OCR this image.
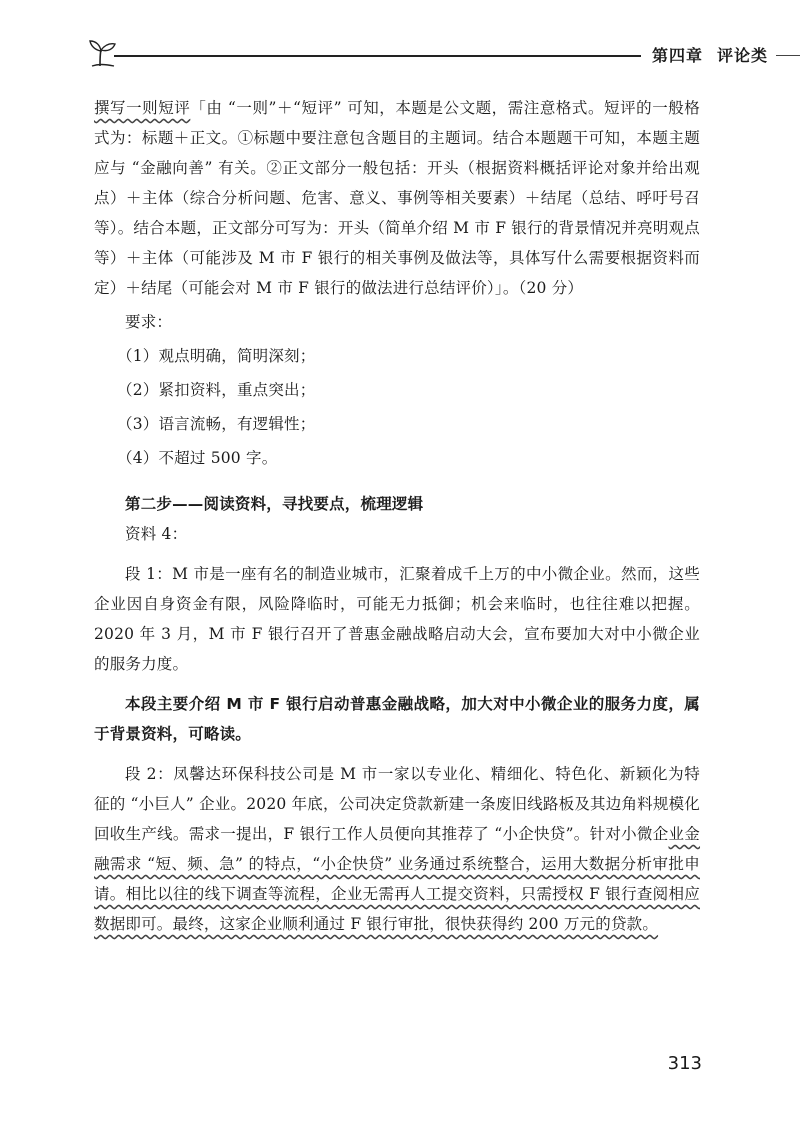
第四章 评论类

撰写一则短评「由 “一则”＋“短评” 可知，本题是公文题，需注意格式。短评的一般格式为：标题＋正文。①标题中要注意包含题目的主题词。结合本题题干可知，本题主题应与 “金融向善” 有关。②正文部分一般包括：开头（根据资料概括评论对象并给出观点）＋主体（综合分析问题、危害、意义、事例等相关要素）＋结尾（总结、呼吁号召等）。结合本题，正文部分可写为：开头（简单介绍 M 市 F 银行的背景情况并亮明观点等）＋主体（可能涉及 M 市 F 银行的相关事例及做法等，具体写什么需要根据资料而定）＋结尾（可能会对 M 市 F 银行的做法进行总结评价）」。（20 分）

要求：

（1）观点明确，简明深刻；

（2）紧扣资料，重点突出；

（3）语言流畅，有逻辑性；

（4）不超过 500 字。

第二步——阅读资料，寻找要点，梳理逻辑

资料 4：

段 1：M 市是一座有名的制造业城市，汇聚着成千上万的中小微企业。然而，这些企业因自身资金有限，风险降临时，可能无力抵御；机会来临时，也往往难以把握。2020 年 3 月，M 市 F 银行召开了普惠金融战略启动大会，宣布要加大对中小微企业的服务力度。

本段主要介绍 M 市 F 银行启动普惠金融战略，加大对中小微企业的服务力度，属于背景资料，可略读。

段 2：凤馨达环保科技公司是 M 市一家以专业化、精细化、特色化、新颖化为特征的 “小巨人” 企业。2020 年底，公司决定贷款新建一条废旧线路板及其边角料规模化回收生产线。需求一提出，F 银行工作人员便向其推荐了 “小企快贷”。针对小微企业金融需求 “短、频、急” 的特点，“小企快贷” 业务通过系统整合，运用大数据分析审批申请。相比以往的线下调查等流程，企业无需再人工提交资料，只需授权 F 银行查阅相应数据即可。最终，这家企业顺利通过 F 银行审批，很快获得约 200 万元的贷款。

313
